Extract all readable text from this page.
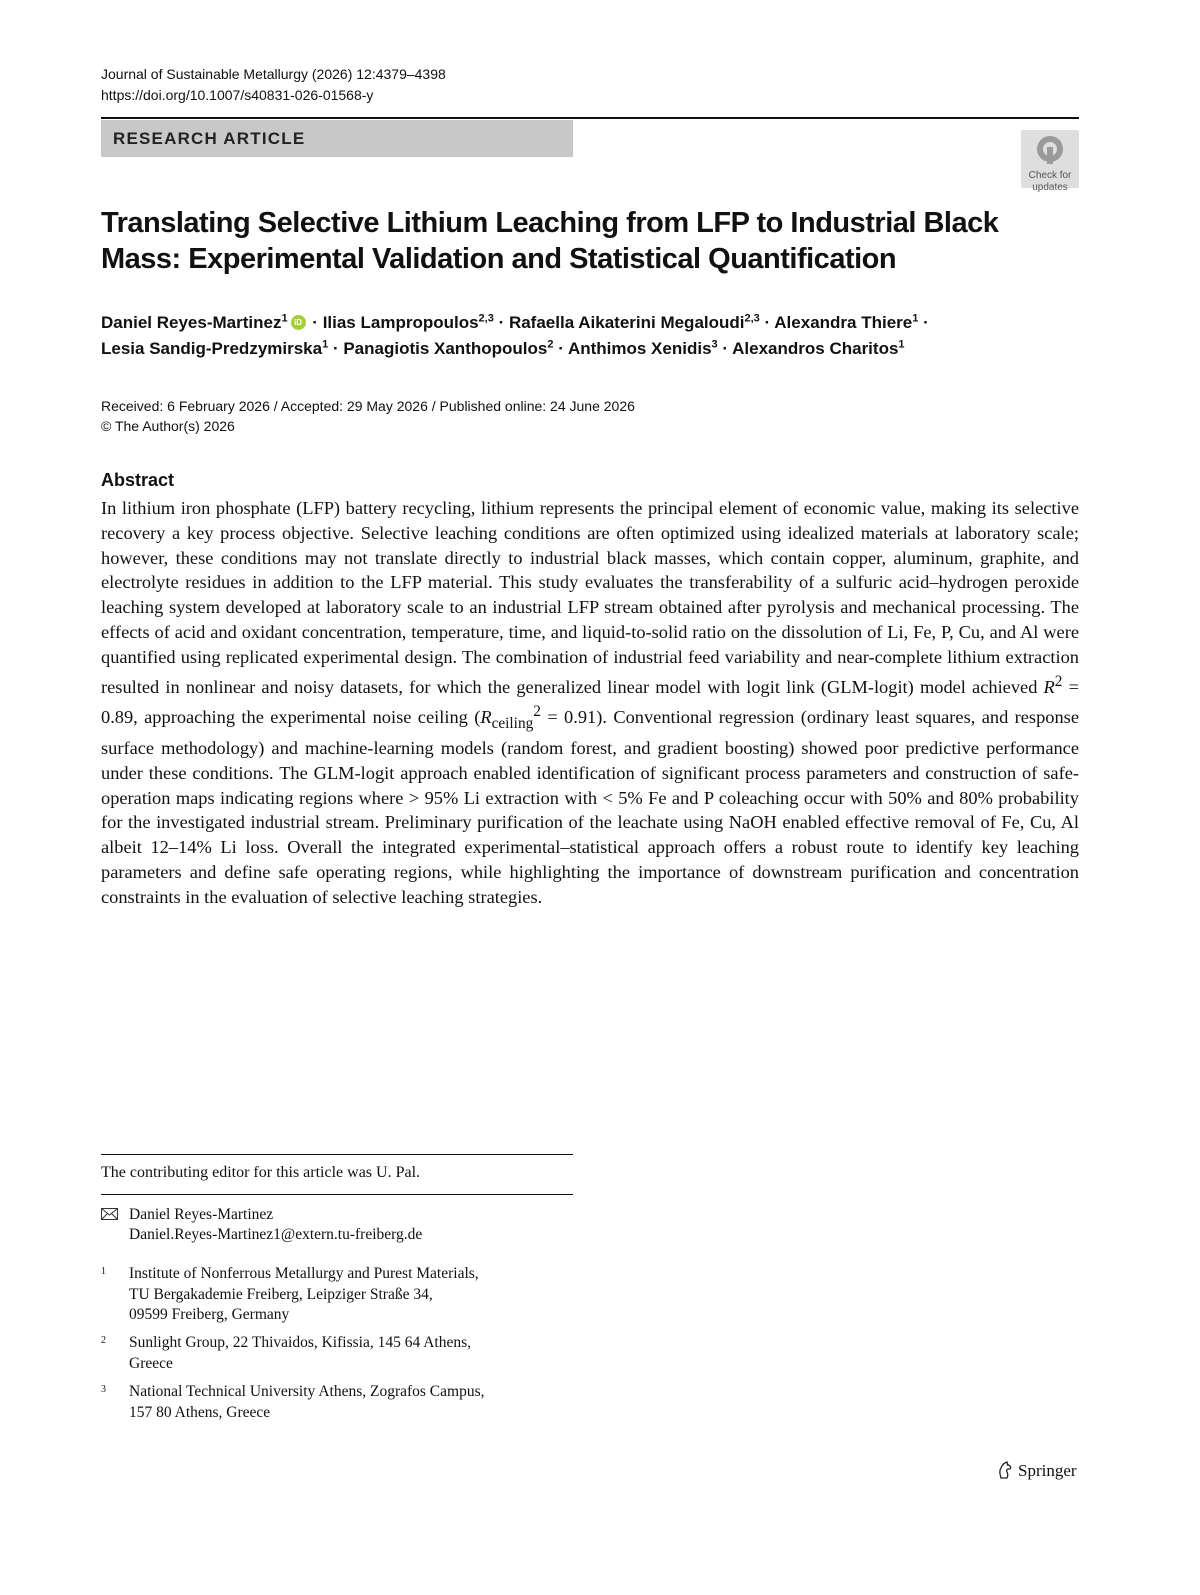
Journal of Sustainable Metallurgy (2026) 12:4379–4398
https://doi.org/10.1007/s40831-026-01568-y
RESEARCH ARTICLE
Check for
updates
Translating Selective Lithium Leaching from LFP to Industrial Black Mass: Experimental Validation and Statistical Quantification
Daniel Reyes-Martinez$^1$ iD · Ilias Lampropoulos$^{2,3}$ · Rafaella Aikaterini Megaloudi$^{2,3}$ · Alexandra Thiere$^1$ ·
Lesia Sandig-Predzymirska$^1$ · Panagiotis Xanthopoulos$^2$ · Anthimos Xenidis$^3$ · Alexandros Charitos$^1$
Received: 6 February 2026 / Accepted: 29 May 2026 / Published online: 24 June 2026
© The Author(s) 2026
Abstract

In lithium iron phosphate (LFP) battery recycling, lithium represents the principal element of economic value, making its selective recovery a key process objective. Selective leaching conditions are often optimized using idealized materials at laboratory scale; however, these conditions may not translate directly to industrial black masses, which contain copper, aluminum, graphite, and electrolyte residues in addition to the LFP material. This study evaluates the transferability of a sulfuric acid–hydrogen peroxide leaching system developed at laboratory scale to an industrial LFP stream obtained after pyrolysis and mechanical processing. The effects of acid and oxidant concentration, temperature, time, and liquid-to-solid ratio on the dissolution of Li, Fe, P, Cu, and Al were quantified using replicated experimental design. The combination of industrial feed variability and near-complete lithium extraction resulted in nonlinear and noisy datasets, for which the generalized linear model with logit link (GLM-logit) model achieved $R^2 = 0.89$, approaching the experimental noise ceiling $(R_{ceiling}^2 = 0.91)$. Conventional regression (ordinary least squares, and response surface methodology) and machine-learning models (random forest, and gradient boosting) showed poor predictive performance under these conditions. The GLM-logit approach enabled identification of significant process parameters and construction of safe-operation maps indicating regions where > 95% Li extraction with < 5% Fe and P coleaching occur with 50% and 80% probability for the investigated industrial stream. Preliminary purification of the leachate using NaOH enabled effective removal of Fe, Cu, Al albeit 12–14% Li loss. Overall the integrated experimental–statistical approach offers a robust route to identify key leaching parameters and define safe operating regions, while highlighting the importance of downstream purification and concentration constraints in the evaluation of selective leaching strategies.

The contributing editor for this article was U. Pal.
Daniel Reyes-Martinez
Daniel.Reyes-Martinez1@extern.tu-freiberg.de
1 Institute of Nonferrous Metallurgy and Purest Materials,
TU Bergakademie Freiberg, Leipziger Straße 34,
09599 Freiberg, Germany
2 Sunlight Group, 22 Thivaidos, Kifissia, 145 64 Athens,
Greece
3 National Technical University Athens, Zografos Campus,
157 80 Athens, Greece
Springer
